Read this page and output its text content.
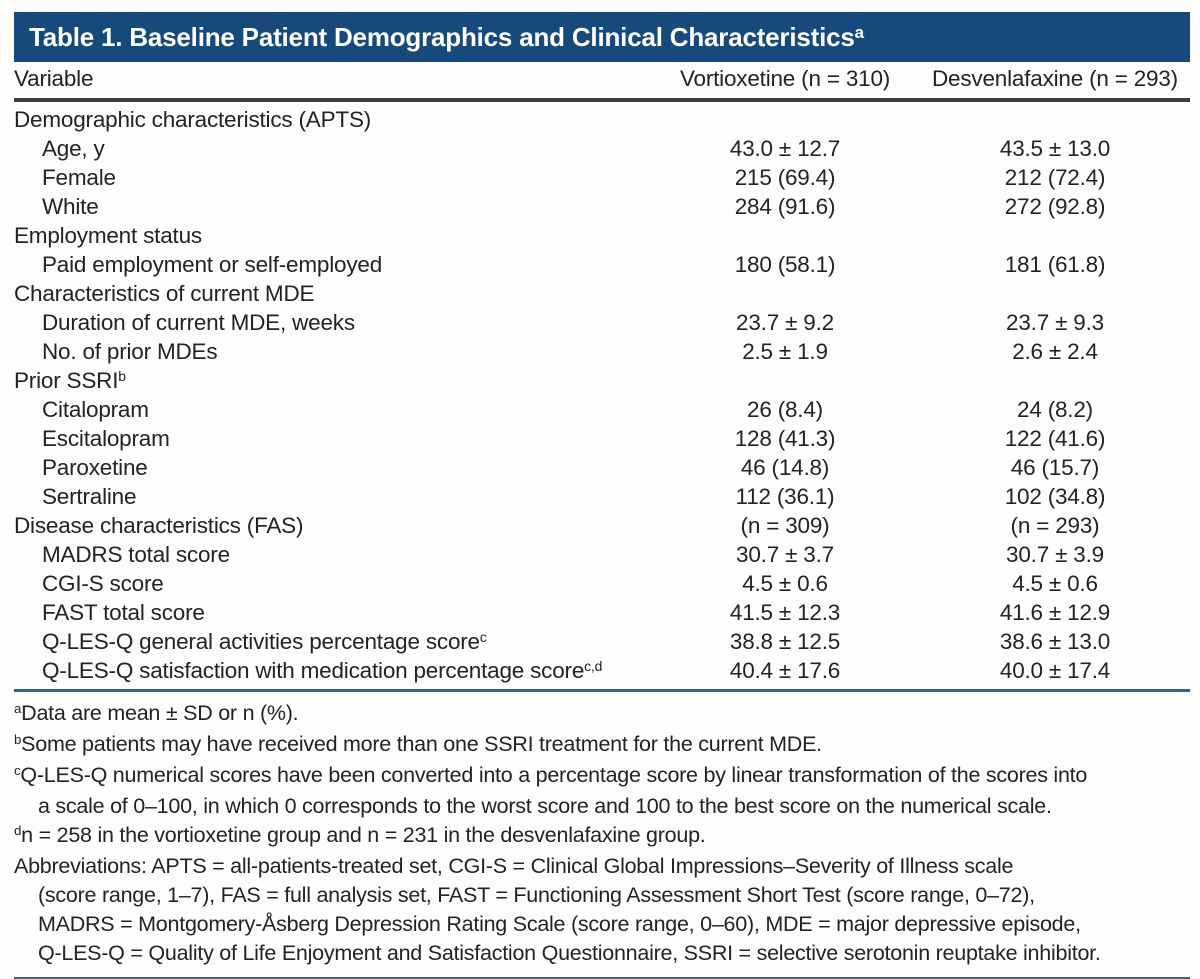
Table 1. Baseline Patient Demographics and Clinical Characteristics$^a$
Variable	Vortioxetine (n = 310)	Desvenlafaxine (n = 293)
Demographic characteristics (APTS)
Age, y	43.0 ± 12.7	43.5 ± 13.0
Female	215 (69.4)	212 (72.4)
White	284 (91.6)	272 (92.8)
Employment status
Paid employment or self-employed	180 (58.1)	181 (61.8)
Characteristics of current MDE
Duration of current MDE, weeks	23.7 ± 9.2	23.7 ± 9.3
No. of prior MDEs	2.5 ± 1.9	2.6 ± 2.4
Prior SSRI$^b$
Citalopram	26 (8.4)	24 (8.2)
Escitalopram	128 (41.3)	122 (41.6)
Paroxetine	46 (14.8)	46 (15.7)
Sertraline	112 (36.1)	102 (34.8)
Disease characteristics (FAS)	(n = 309)	(n = 293)
MADRS total score	30.7 ± 3.7	30.7 ± 3.9
CGI-S score	4.5 ± 0.6	4.5 ± 0.6
FAST total score	41.5 ± 12.3	41.6 ± 12.9
Q-LES-Q general activities percentage score$^c$	38.8 ± 12.5	38.6 ± 13.0
Q-LES-Q satisfaction with medication percentage score$^{c,d}$	40.4 ± 17.6	40.0 ± 17.4
$^a$Data are mean ± SD or n (%).
$^b$Some patients may have received more than one SSRI treatment for the current MDE.
$^c$Q-LES-Q numerical scores have been converted into a percentage score by linear transformation of the scores into
a scale of 0–100, in which 0 corresponds to the worst score and 100 to the best score on the numerical scale.
$^d$n = 258 in the vortioxetine group and n = 231 in the desvenlafaxine group.
Abbreviations: APTS = all-patients-treated set, CGI-S = Clinical Global Impressions–Severity of Illness scale
(score range, 1–7), FAS = full analysis set, FAST = Functioning Assessment Short Test (score range, 0–72),
MADRS = Montgomery-Åsberg Depression Rating Scale (score range, 0–60), MDE = major depressive episode,
Q-LES-Q = Quality of Life Enjoyment and Satisfaction Questionnaire, SSRI = selective serotonin reuptake inhibitor.
